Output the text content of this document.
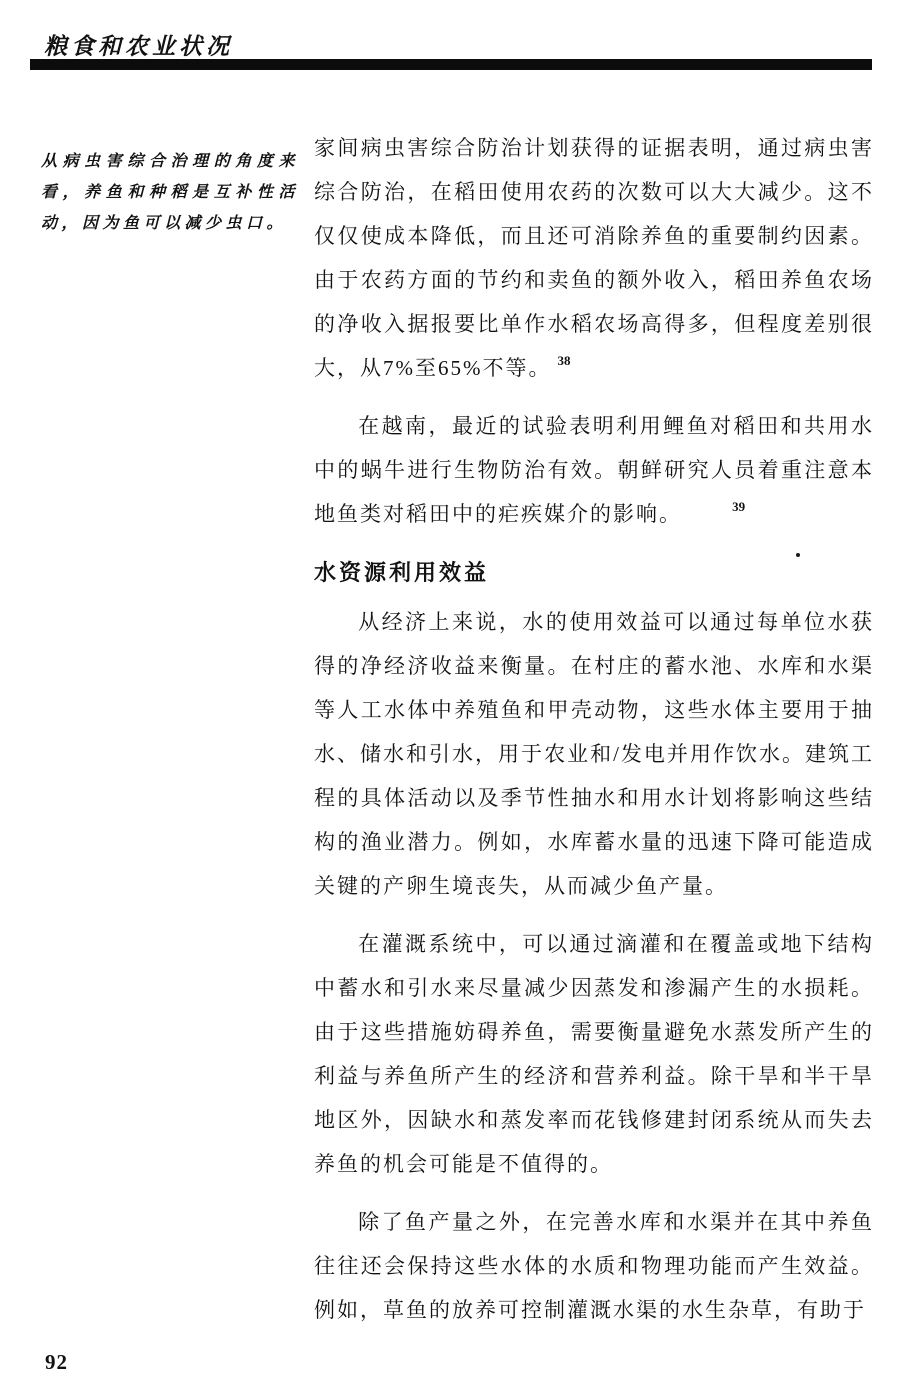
粮食和农业状况
从病虫害综合治理的角度来看，养鱼和种稻是互补性活动，因为鱼可以减少虫口。

家间病虫害综合防治计划获得的证据表明，通过病虫害综合防治，在稻田使用农药的次数可以大大减少。这不仅仅使成本降低，而且还可消除养鱼的重要制约因素。由于农药方面的节约和卖鱼的额外收入，稻田养鱼农场的净收入据报要比单作水稻农场高得多，但程度差别很大，从7%至65%不等。 38

在越南，最近的试验表明利用鲤鱼对稻田和共用水中的蜗牛进行生物防治有效。朝鲜研究人员着重注意本地鱼类对稻田中的疟疾媒介的影响。	39

水资源利用效益

从经济上来说，水的使用效益可以通过每单位水获得的净经济收益来衡量。在村庄的蓄水池、水库和水渠等人工水体中养殖鱼和甲壳动物，这些水体主要用于抽水、储水和引水，用于农业和/发电并用作饮水。建筑工程的具体活动以及季节性抽水和用水计划将影响这些结构的渔业潜力。例如，水库蓄水量的迅速下降可能造成关键的产卵生境丧失，从而减少鱼产量。

在灌溉系统中，可以通过滴灌和在覆盖或地下结构中蓄水和引水来尽量减少因蒸发和渗漏产生的水损耗。由于这些措施妨碍养鱼，需要衡量避免水蒸发所产生的利益与养鱼所产生的经济和营养利益。除干旱和半干旱地区外，因缺水和蒸发率而花钱修建封闭系统从而失去养鱼的机会可能是不值得的。

除了鱼产量之外，在完善水库和水渠并在其中养鱼往往还会保持这些水体的水质和物理功能而产生效益。例如，草鱼的放养可控制灌溉水渠的水生杂草，有助于

92
